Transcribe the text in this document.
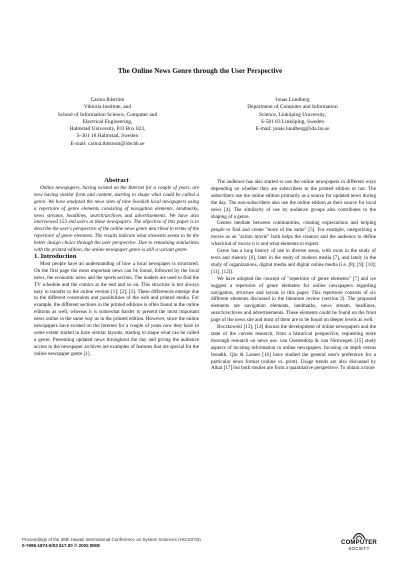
The Online News Genre through the User Perspective
Carina Ihlström
Viktoria Institute, and
School of Information Science, Computer and
Electrical Engineering,
Halmstad University, P.O Box 823,
S-301 18 Halmstad, Sweden
E-mail: carina.ihlstrom@ide.hh.se
Jonas Lundberg
Department of Computer and Information
Science, Linköping University,
S-581 83 Linköping, Sweden
E-mail: jonas.lundberg@ida.liu.se

Abstract

Online newspapers, having existed on the Internet for a couple of years, are now having similar form and content, starting to shape what could be called a genre. We have analyzed the news sites of nine Swedish local newspapers using a repertoire of genre elements consisting of navigation elements, landmarks, news streams, headlines, search/archives and advertisements. We have also interviewed 153 end users at these newspapers. The objective of this paper is to describe the user's perspective of the online news genre described in terms of the repertoire of genre elements. The results indicate what elements seems to be the better design choice through the user perspective. Due to remaining similarities with the printed edition, the online newspaper genre is still a variant genre.

1. Introduction

Most people have an understanding of how a local newspaper is structured. On the first page the most important news can be found, followed by the local news, the economic news and the sports section. The readers are used to find the TV schedule and the comics at the end and so on. This structure is not always easy to transfer to the online version [1]; [2]; [3]. These differences emerge due to the different constraints and possibilities of the web and printed media. For example, the different sections in the printed editions is often found in the online editions as well, whereas it is somewhat harder to present the most important news online in the same way as in the printed edition. However, since the online newspapers have existed on the Internet for a couple of years now they have to some extent started to have similar layouts, starting to shape what can be called a genre. Presenting updated news throughout the day and giving the audience access to the newspaper archives are examples of features that are special for the online newspaper genre [1].

The audience has also started to use the online newspapers in different ways depending on whether they are subscribers to the printed edition or not. The subscribers use the online edition primarily as a source for updated news during the day. The non-subscribers also use the online edition as their source for local news [4]. The similarity of use by audience groups also contributes to the shaping of a genre.

Genres mediate between communities, creating expectations and helping people to find and create "more of the same" [5]. For example, categorizing a movie as an "action movie" both helps the creators and the audience to define what kind of movie it is and what elements to expect.

Genre has a long history of use in diverse areas, with roots in the study of texts and rhetoric [6], later in the study of modern media [7], and lately in the study of organizations, digital media and digital online media (i.e. [8]; [9]; [10]; [11]; [12]).

We have adopted the concept of "repertoire of genre elements" [7] and we suggest a repertoire of genre elements for online newspapers regarding navigation, structure and layout in this paper. This repertoire consists of six different elements discussed in the literature review (section 2). The proposed elements are navigation elements, landmarks, news stream, headlines, search/archives and advertisements. These elements could be found on the front page of the news site and most of them are to be found on deeper levels as well.

Boczkowski [13]; [14] discuss the development of online newspapers and the state of the current research, from a historical perspective, requesting more thorough research on news use. van Oostendorp & van Nimwegen [15] study aspects of locating information in online newspapers, focusing on depth versus breadth. Qiu & Larsen [16] have studied the general user's preference for a particular news format (online vs. print). Usage trends are also discussed by Aikat [17] but both studies are from a quantitative perspective. To obtain a more

Proceedings of the 36th Hawaii International Conference on System Sciences (HICSS'03)
0-7695-1874-5/03 $17.00 © 2002 IEEE	COMPUTER
SOCIETY
